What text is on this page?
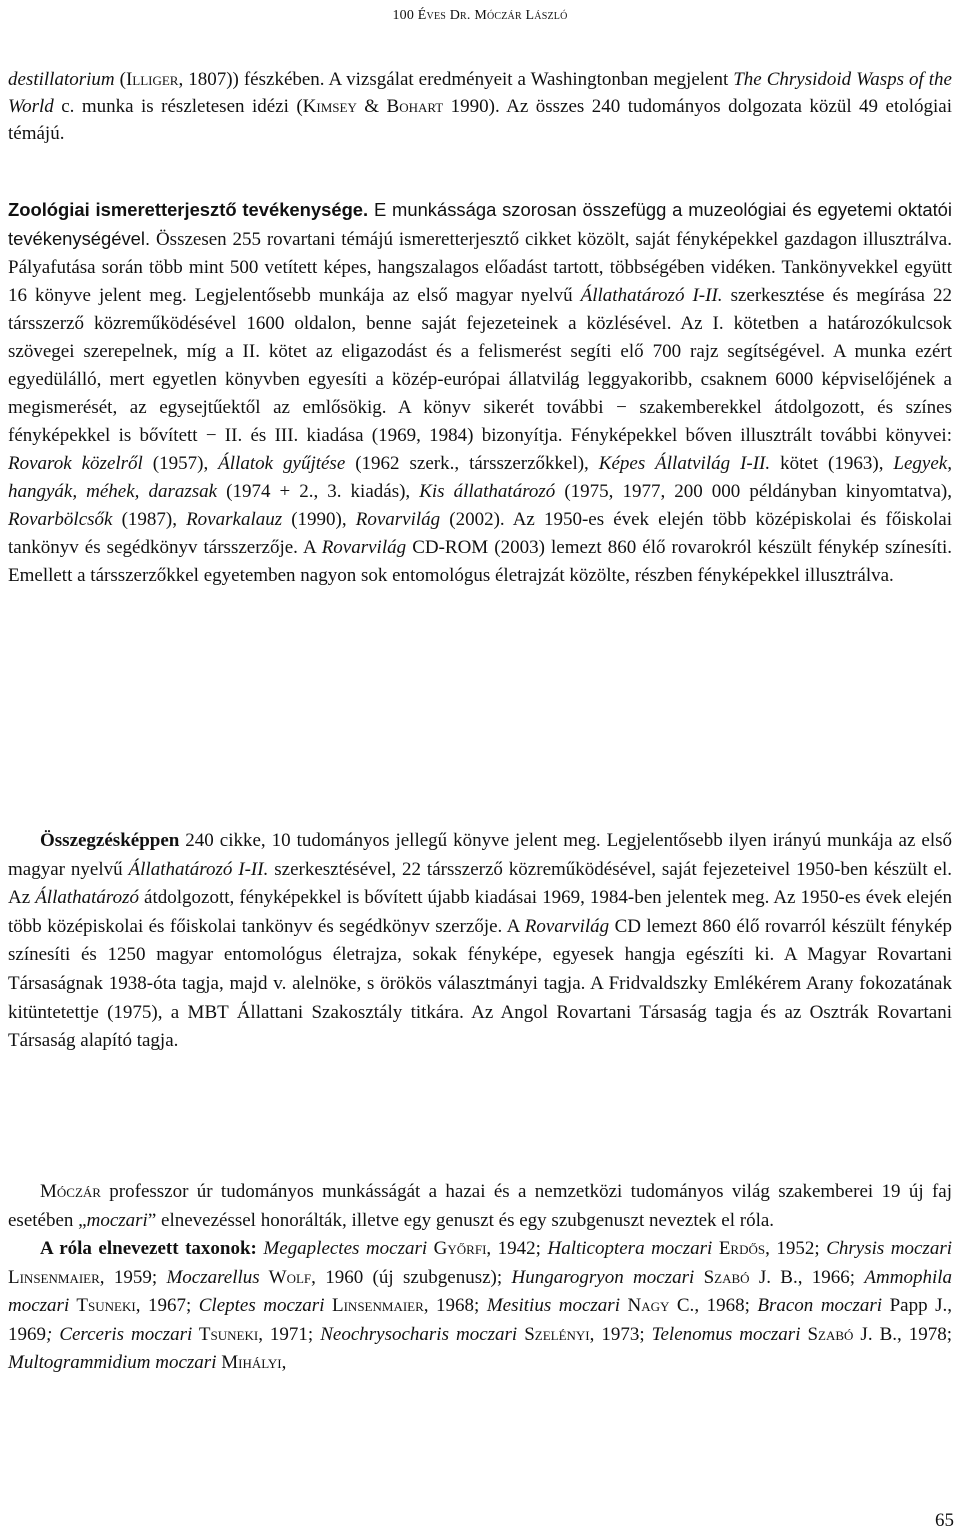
100 Éves Dr. Móczár László

destillatorium (Illiger, 1807)) fészkében. A vizsgálat eredményeit a Washingtonban megjelent The Chrysidoid Wasps of the World c. munka is részletesen idézi (Kimsey & Bohart 1990). Az összes 240 tudományos dolgozata közül 49 etológiai témájú.

Zoológiai ismeretterjesztő tevékenysége. E munkássága szorosan összefügg a muzeológiai és egyetemi oktatói tevékenységével. Összesen 255 rovartani témájú ismeretterjesztő cikket közölt, saját fényképekkel gazdagon illusztrálva. Pályafutása során több mint 500 vetített képes, hangszalagos előadást tartott, többségében vidéken. Tankönyvekkel együtt 16 könyve jelent meg. Legjelentősebb munkája az első magyar nyelvű Állathatározó I-II. szerkesztése és megírása 22 társszerző közreműködésével 1600 oldalon, benne saját fejezeteinek a közlésével. Az I. kötetben a határozókulcsok szövegei szerepelnek, míg a II. kötet az eligazodást és a felismerést segíti elő 700 rajz segítségével. A munka ezért egyedülálló, mert egyetlen könyvben egyesíti a közép-európai állatvilág leggyakoribb, csaknem 6000 képviselőjének a megismerését, az egysejtűektől az emlősökig. A könyv sikerét további − szakemberekkel átdolgozott, és színes fényképekkel is bővített − II. és III. kiadása (1969, 1984) bizonyítja. Fényképekkel bőven illusztrált további könyvei: Rovarok közelről (1957), Állatok gyűjtése (1962 szerk., társszerzőkkel), Képes Állatvilág I-II. kötet (1963), Legyek, hangyák, méhek, darazsak (1974 + 2., 3. kiadás), Kis állathatározó (1975, 1977, 200 000 példányban kinyomtatva), Rovarbölcsők (1987), Rovarkalauz (1990), Rovarvilág (2002). Az 1950-es évek elején több középiskolai és főiskolai tankönyv és segédkönyv társszerzője. A Rovarvilág CD-ROM (2003) lemezt 860 élő rovarokról készült fénykép színesíti. Emellett a társszerzőkkel egyetemben nagyon sok entomológus életrajzát közölte, részben fényképekkel illusztrálva.

Összegzésképpen 240 cikke, 10 tudományos jellegű könyve jelent meg. Legjelentősebb ilyen irányú munkája az első magyar nyelvű Állathatározó I-II. szerkesztésével, 22 társszerző közreműködésével, saját fejezeteivel 1950-ben készült el. Az Állathatározó átdolgozott, fényképekkel is bővített újabb kiadásai 1969, 1984-ben jelentek meg. Az 1950-es évek elején több középiskolai és főiskolai tankönyv és segédkönyv szerzője. A Rovarvilág CD lemezt 860 élő rovarról készült fénykép színesíti és 1250 magyar entomológus életrajza, sokak fényképe, egyesek hangja egészíti ki. A Magyar Rovartani Társaságnak 1938-óta tagja, majd v. alelnöke, s örökös választmányi tagja. A Fridvaldszky Emlékérem Arany fokozatának kitüntetettje (1975), a MBT Állattani Szakosztály titkára. Az Angol Rovartani Társaság tagja és az Osztrák Rovartani Társaság alapító tagja.

Móczár professzor úr tudományos munkásságát a hazai és a nemzetközi tudományos világ szakemberei 19 új faj esetében „moczari” elnevezéssel honorálták, illetve egy genuszt és egy szubgenuszt neveztek el róla.

A róla elnevezett taxonok: Megaplectes moczari Győrfi, 1942; Halticoptera moczari Erdős, 1952; Chrysis moczari Linsenmaier, 1959; Moczarellus Wolf, 1960 (új szubgenusz); Hungarogryon moczari Szabó J. B., 1966; Ammophila moczari Tsuneki, 1967; Cleptes moczari Linsenmaier, 1968; Mesitius moczari Nagy C., 1968; Bracon moczari Papp J., 1969; Cerceris moczari Tsuneki, 1971; Neochrysocharis moczari Szelényi, 1973; Telenomus moczari Szabó J. B., 1978; Multogrammidium moczari Mihályi,

65
